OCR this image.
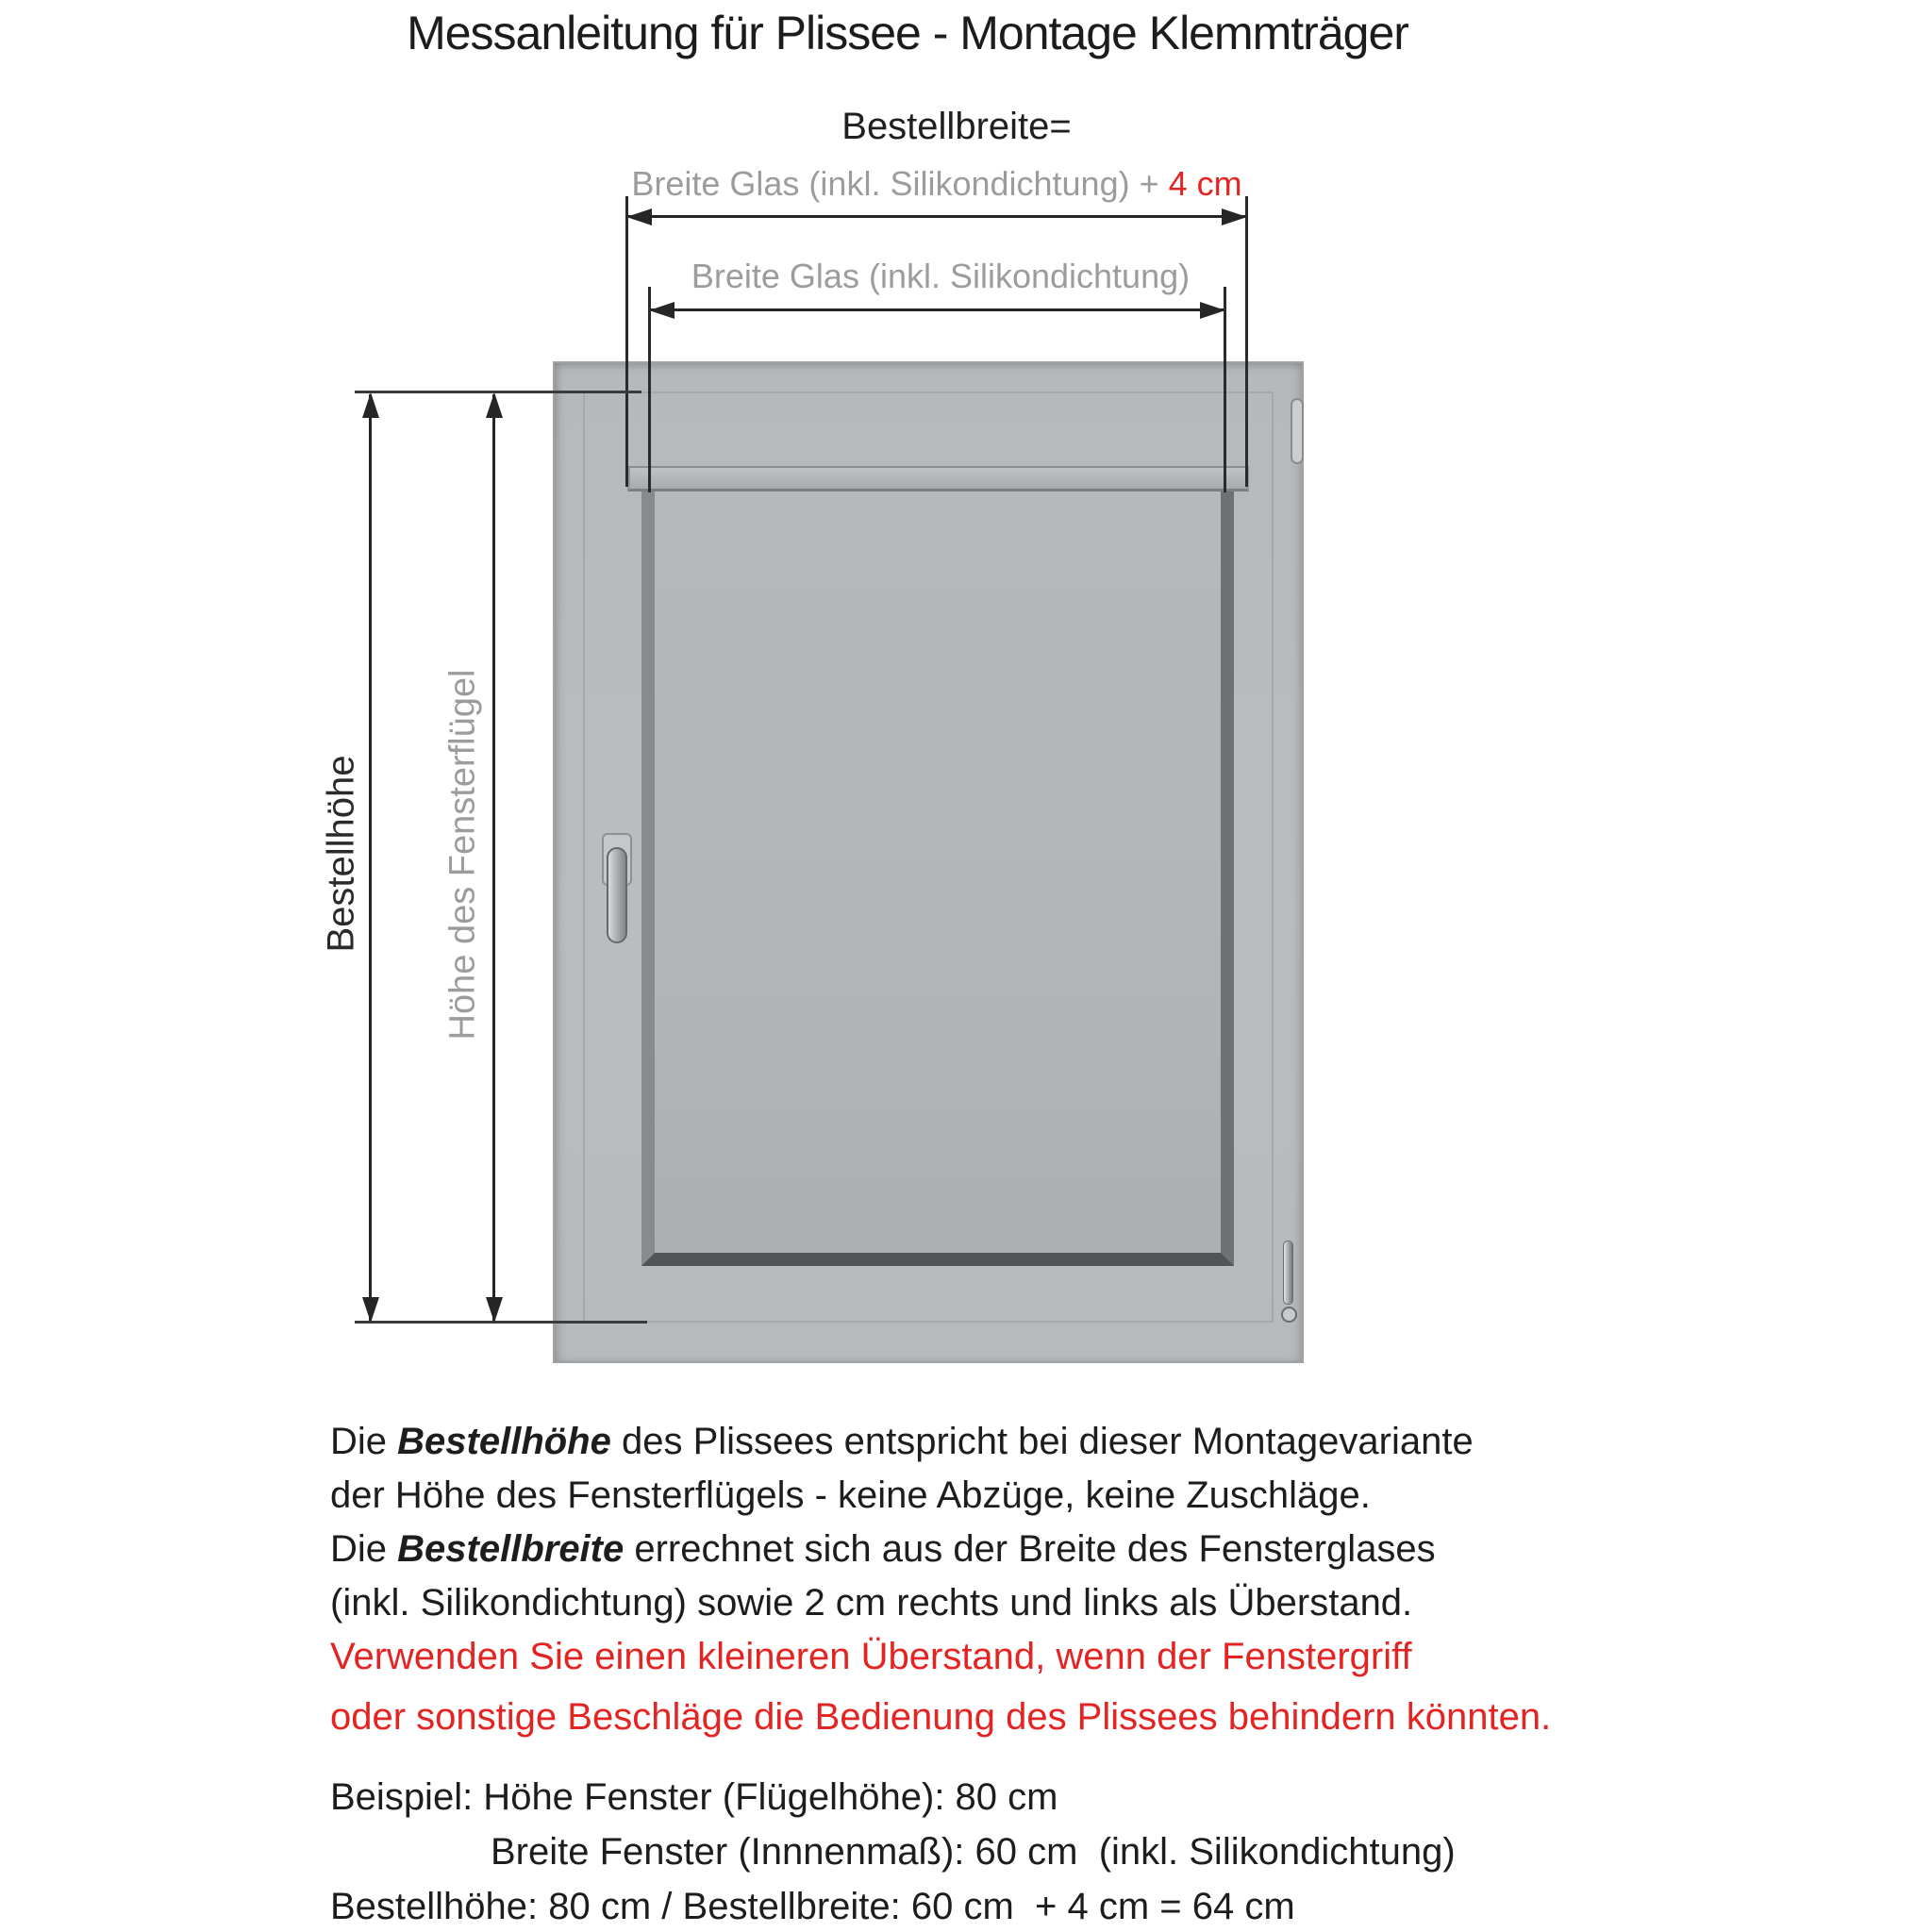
Messanleitung für Plissee - Montage Klemmträger
Bestellbreite=
Breite Glas (inkl. Silikondichtung) + 4 cm
Breite Glas (inkl. Silikondichtung)
Bestellhöhe Höhe des Fensterflügel
Die Bestellhöhe des Plissees entspricht bei dieser Montagevariante
der Höhe des Fensterflügels - keine Abzüge, keine Zuschläge.
Die Bestellbreite errechnet sich aus der Breite des Fensterglases
(inkl. Silikondichtung) sowie 2 cm rechts und links als Überstand.
Verwenden Sie einen kleineren Überstand, wenn der Fenstergriff
oder sonstige Beschläge die Bedienung des Plissees behindern könnten.
Beispiel: Höhe Fenster (Flügelhöhe): 80 cm
Breite Fenster (Innnenmaß): 60 cm  (inkl. Silikondichtung)
Bestellhöhe: 80 cm / Bestellbreite: 60 cm  + 4 cm = 64 cm
